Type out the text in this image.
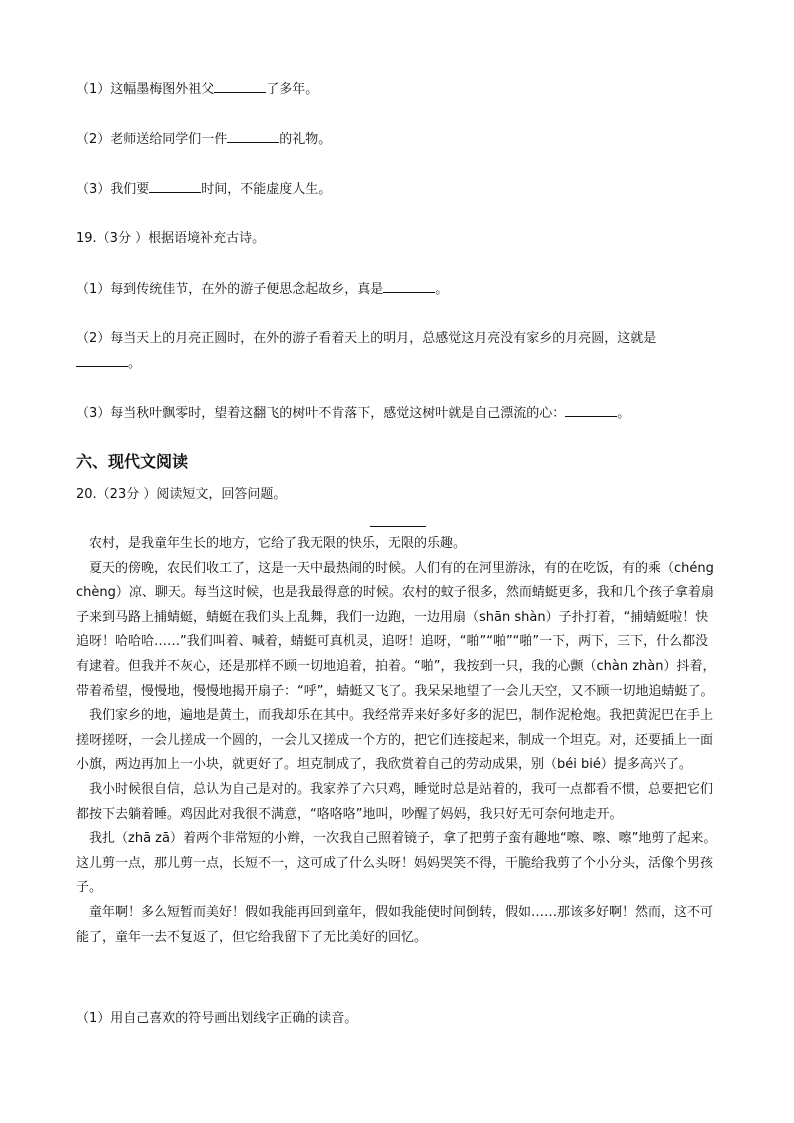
（1）这幅墨梅图外祖父	了多年。
（2）老师送给同学们一件	的礼物。
（3）我们要	时间，不能虚度人生。
19.（3分 ）根据语境补充古诗。
（1）每到传统佳节，在外的游子便思念起故乡，真是	。
（2）每当天上的月亮正圆时，在外的游子看着天上的明月，总感觉这月亮没有家乡的月亮圆，这就是
。
（3）每当秋叶飘零时，望着这翻飞的树叶不肯落下，感觉这树叶就是自己漂流的心：	。
六、现代文阅读
20.（23分 ）阅读短文，回答问题。

农村，是我童年生长的地方，它给了我无限的快乐，无限的乐趣。

夏天的傍晚，农民们收工了，这是一天中最热闹的时候。人们有的在河里游泳，有的在吃饭，有的乘（chéng chèng）凉、聊天。每当这时候，也是我最得意的时候。农村的蚊子很多，然而蜻蜓更多，我和几个孩子拿着扇子来到马路上捕蜻蜓，蜻蜓在我们头上乱舞，我们一边跑，一边用扇（shān shàn）子扑打着，“捕蜻蜓啦！快追呀！哈哈哈……”我们叫着、喊着，蜻蜓可真机灵，追呀！追呀，“啪”“啪”“啪”一下，两下，三下，什么都没有逮着。但我并不灰心，还是那样不顾一切地追着，拍着。“啪”，我按到一只，我的心颤（chàn zhàn）抖着，带着希望，慢慢地，慢慢地揭开扇子：“呼”，蜻蜓又飞了。我呆呆地望了一会儿天空，又不顾一切地追蜻蜓了。

我们家乡的地，遍地是黄土，而我却乐在其中。我经常弄来好多好多的泥巴，制作泥枪炮。我把黄泥巴在手上搓呀搓呀，一会儿搓成一个圆的，一会儿又搓成一个方的，把它们连接起来，制成一个坦克。对，还要插上一面小旗，两边再加上一小块，就更好了。坦克制成了，我欣赏着自己的劳动成果，别（béi bié）提多高兴了。

我小时候很自信，总认为自己是对的。我家养了六只鸡，睡觉时总是站着的，我可一点都看不惯，总要把它们都按下去躺着睡。鸡因此对我很不满意，“咯咯咯”地叫，吵醒了妈妈，我只好无可奈何地走开。

我扎（zhā zā）着两个非常短的小辫，一次我自己照着镜子，拿了把剪子蛮有趣地“嚓、嚓、嚓”地剪了起来。这儿剪一点，那儿剪一点，长短不一，这可成了什么头呀！妈妈哭笑不得，干脆给我剪了个小分头，活像个男孩子。

童年啊！多么短暂而美好！假如我能再回到童年，假如我能使时间倒转，假如……那该多好啊！然而，这不可能了，童年一去不复返了，但它给我留下了无比美好的回忆。

（1）用自己喜欢的符号画出划线字正确的读音。
